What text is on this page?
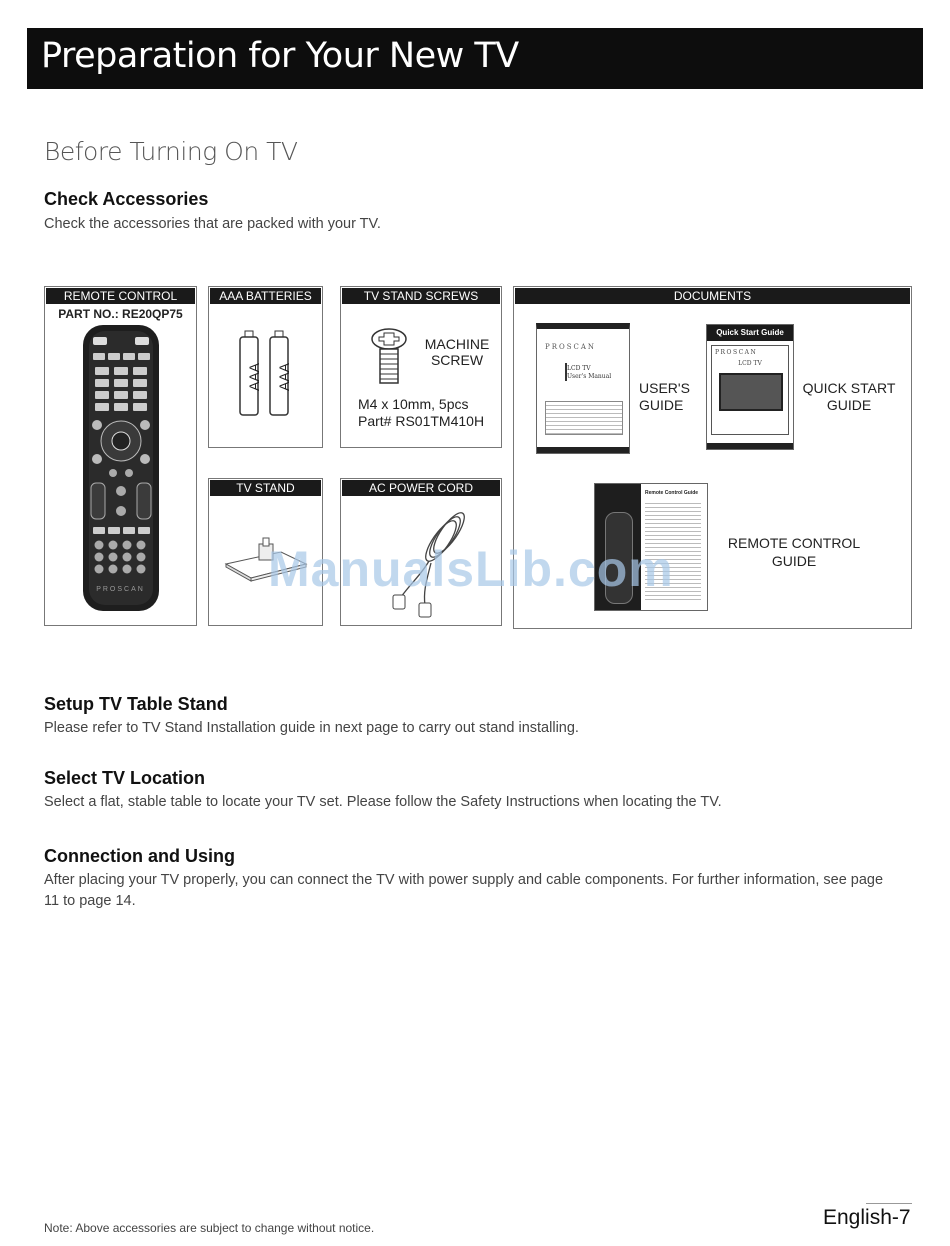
Preparation for Your New TV
Before Turning On TV
Check Accessories

Check the accessories that are packed with your TV.

REMOTE CONTROL
PART NO.: RE20QP75
PROSCAN
AAA BATTERIES
AAA AAA
TV STAND SCREWS
MACHINE
SCREW
M4 x 10mm, 5pcs
Part# RS01TM410H
TV STAND	AC POWER CORD
DOCUMENTS
PROSCAN
LCD TV
User's Manual
USER'S
GUIDE
Quick Start Guide
PROSCAN
LCD TV
QUICK START
GUIDE
Remote Control Guide
REMOTE CONTROL
GUIDE
ManualsLib.com
Setup TV Table Stand

Please refer to TV Stand Installation guide in next page to carry out stand installing.

Select TV Location

Select a flat, stable table to locate your TV set. Please follow the Safety Instructions when locating the TV.

Connection and Using

After placing your TV properly, you can connect the TV with power supply and cable components. For further information, see page

11 to page 14.

Note: Above accessories are subject to change without notice.	English-7
